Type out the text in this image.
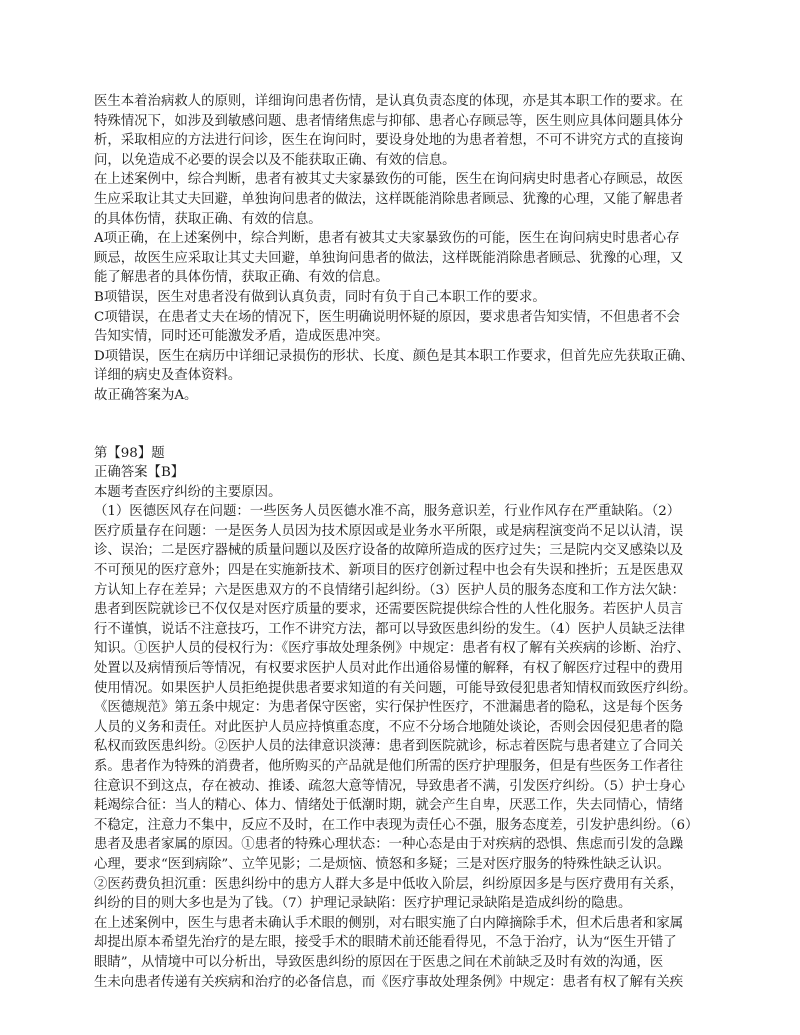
医生本着治病救人的原则，详细询问患者伤情，是认真负责态度的体现，亦是其本职工作的要求。在
特殊情况下，如涉及到敏感问题、患者情绪焦虑与抑郁、患者心存顾忌等，医生则应具体问题具体分
析，采取相应的方法进行问诊，医生在询问时，要设身处地的为患者着想，不可不讲究方式的直接询
问，以免造成不必要的误会以及不能获取正确、有效的信息。
在上述案例中，综合判断，患者有被其丈夫家暴致伤的可能，医生在询问病史时患者心存顾忌，故医
生应采取让其丈夫回避，单独询问患者的做法，这样既能消除患者顾忌、犹豫的心理，又能了解患者
的具体伤情，获取正确、有效的信息。
A项正确，在上述案例中，综合判断，患者有被其丈夫家暴致伤的可能，医生在询问病史时患者心存
顾忌，故医生应采取让其丈夫回避，单独询问患者的做法，这样既能消除患者顾忌、犹豫的心理，又
能了解患者的具体伤情，获取正确、有效的信息。
B项错误，医生对患者没有做到认真负责，同时有负于自己本职工作的要求。
C项错误，在患者丈夫在场的情况下，医生明确说明怀疑的原因，要求患者告知实情，不但患者不会
告知实情，同时还可能激发矛盾，造成医患冲突。
D项错误，医生在病历中详细记录损伤的形状、长度、颜色是其本职工作要求，但首先应先获取正确、
详细的病史及查体资料。
故正确答案为A。
第【98】题
正确答案【B】
本题考查医疗纠纷的主要原因。
（1）医德医风存在问题：一些医务人员医德水准不高，服务意识差，行业作风存在严重缺陷。（2）
医疗质量存在问题：一是医务人员因为技术原因或是业务水平所限，或是病程演变尚不足以认清，误
诊、误治；二是医疗器械的质量问题以及医疗设备的故障所造成的医疗过失；三是院内交叉感染以及
不可预见的医疗意外；四是在实施新技术、新项目的医疗创新过程中也会有失误和挫折；五是医患双
方认知上存在差异；六是医患双方的不良情绪引起纠纷。（3）医护人员的服务态度和工作方法欠缺：
患者到医院就诊已不仅仅是对医疗质量的要求，还需要医院提供综合性的人性化服务。若医护人员言
行不谨慎，说话不注意技巧，工作不讲究方法，都可以导致医患纠纷的发生。（4）医护人员缺乏法律
知识。①医护人员的侵权行为：《医疗事故处理条例》中规定：患者有权了解有关疾病的诊断、治疗、
处置以及病情预后等情况，有权要求医护人员对此作出通俗易懂的解释，有权了解医疗过程中的费用
使用情况。如果医护人员拒绝提供患者要求知道的有关问题，可能导致侵犯患者知情权而致医疗纠纷。
《医德规范》第五条中规定：为患者保守医密，实行保护性医疗，不泄漏患者的隐私，这是每个医务
人员的义务和责任。对此医护人员应持慎重态度，不应不分场合地随处谈论，否则会因侵犯患者的隐
私权而致医患纠纷。②医护人员的法律意识淡薄：患者到医院就诊，标志着医院与患者建立了合同关
系。患者作为特殊的消费者，他所购买的产品就是他们所需的医疗护理服务，但是有些医务工作者往
往意识不到这点，存在被动、推诿、疏忽大意等情况，导致患者不满，引发医疗纠纷。（5）护士身心
耗竭综合征：当人的精心、体力、情绪处于低潮时期，就会产生自卑，厌恶工作，失去同情心，情绪
不稳定，注意力不集中，反应不及时，在工作中表现为责任心不强，服务态度差，引发护患纠纷。（6）
患者及患者家属的原因。①患者的特殊心理状态：一种心态是由于对疾病的恐惧、焦虑而引发的急躁
心理，要求“医到病除”、立竿见影；二是烦恼、愤怒和多疑；三是对医疗服务的特殊性缺乏认识。
②医药费负担沉重：医患纠纷中的患方人群大多是中低收入阶层，纠纷原因多是与医疗费用有关系，
纠纷的目的则大多也是为了钱。（7）护理记录缺陷：医疗护理记录缺陷是造成纠纷的隐患。
在上述案例中，医生与患者未确认手术眼的侧别，对右眼实施了白内障摘除手术，但术后患者和家属
却提出原本希望先治疗的是左眼，接受手术的眼睛术前还能看得见，不急于治疗，认为“医生开错了
眼睛”，从情境中可以分析出，导致医患纠纷的原因在于医患之间在术前缺乏及时有效的沟通，医
生未向患者传递有关疾病和治疗的必备信息，而《医疗事故处理条例》中规定：患者有权了解有关疾
